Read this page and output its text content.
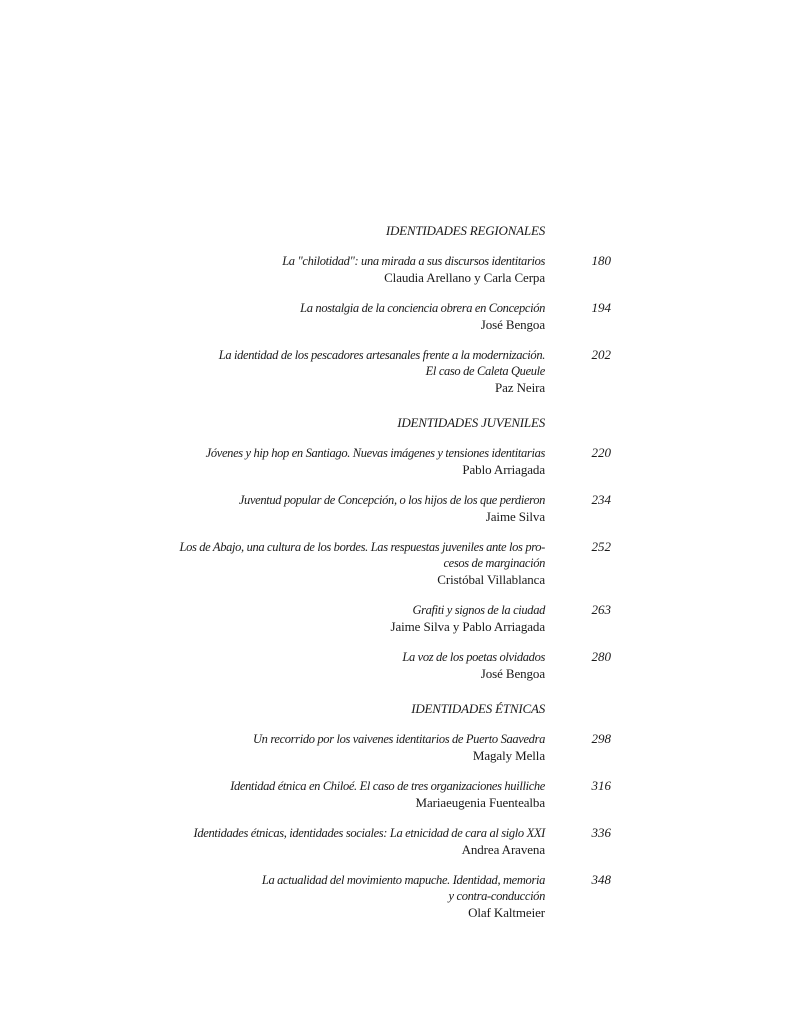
IDENTIDADES REGIONALES
La "chilotidad": una mirada a sus discursos identitarios
Claudia Arellano y Carla Cerpa
180
La nostalgia de la conciencia obrera en Concepción
José Bengoa
194
La identidad de los pescadores artesanales frente a la modernización.
El caso de Caleta Queule
Paz Neira
202
IDENTIDADES JUVENILES
Jóvenes y hip hop en Santiago. Nuevas imágenes y tensiones identitarias
Pablo Arriagada
220
Juventud popular de Concepción, o los hijos de los que perdieron
Jaime Silva
234
Los de Abajo, una cultura de los bordes. Las respuestas juveniles ante los pro-
cesos de marginación
Cristóbal Villablanca
252
Grafiti y signos de la ciudad
Jaime Silva y Pablo Arriagada
263
La voz de los poetas olvidados
José Bengoa
280
IDENTIDADES ÉTNICAS
Un recorrido por los vaivenes identitarios de Puerto Saavedra
Magaly Mella
298
Identidad étnica en Chiloé. El caso de tres organizaciones huilliche
Mariaeugenia Fuentealba
316
Identidades étnicas, identidades sociales: La etnicidad de cara al siglo XXI
Andrea Aravena
336
La actualidad del movimiento mapuche. Identidad, memoria
y contra-conducción
Olaf Kaltmeier
348
